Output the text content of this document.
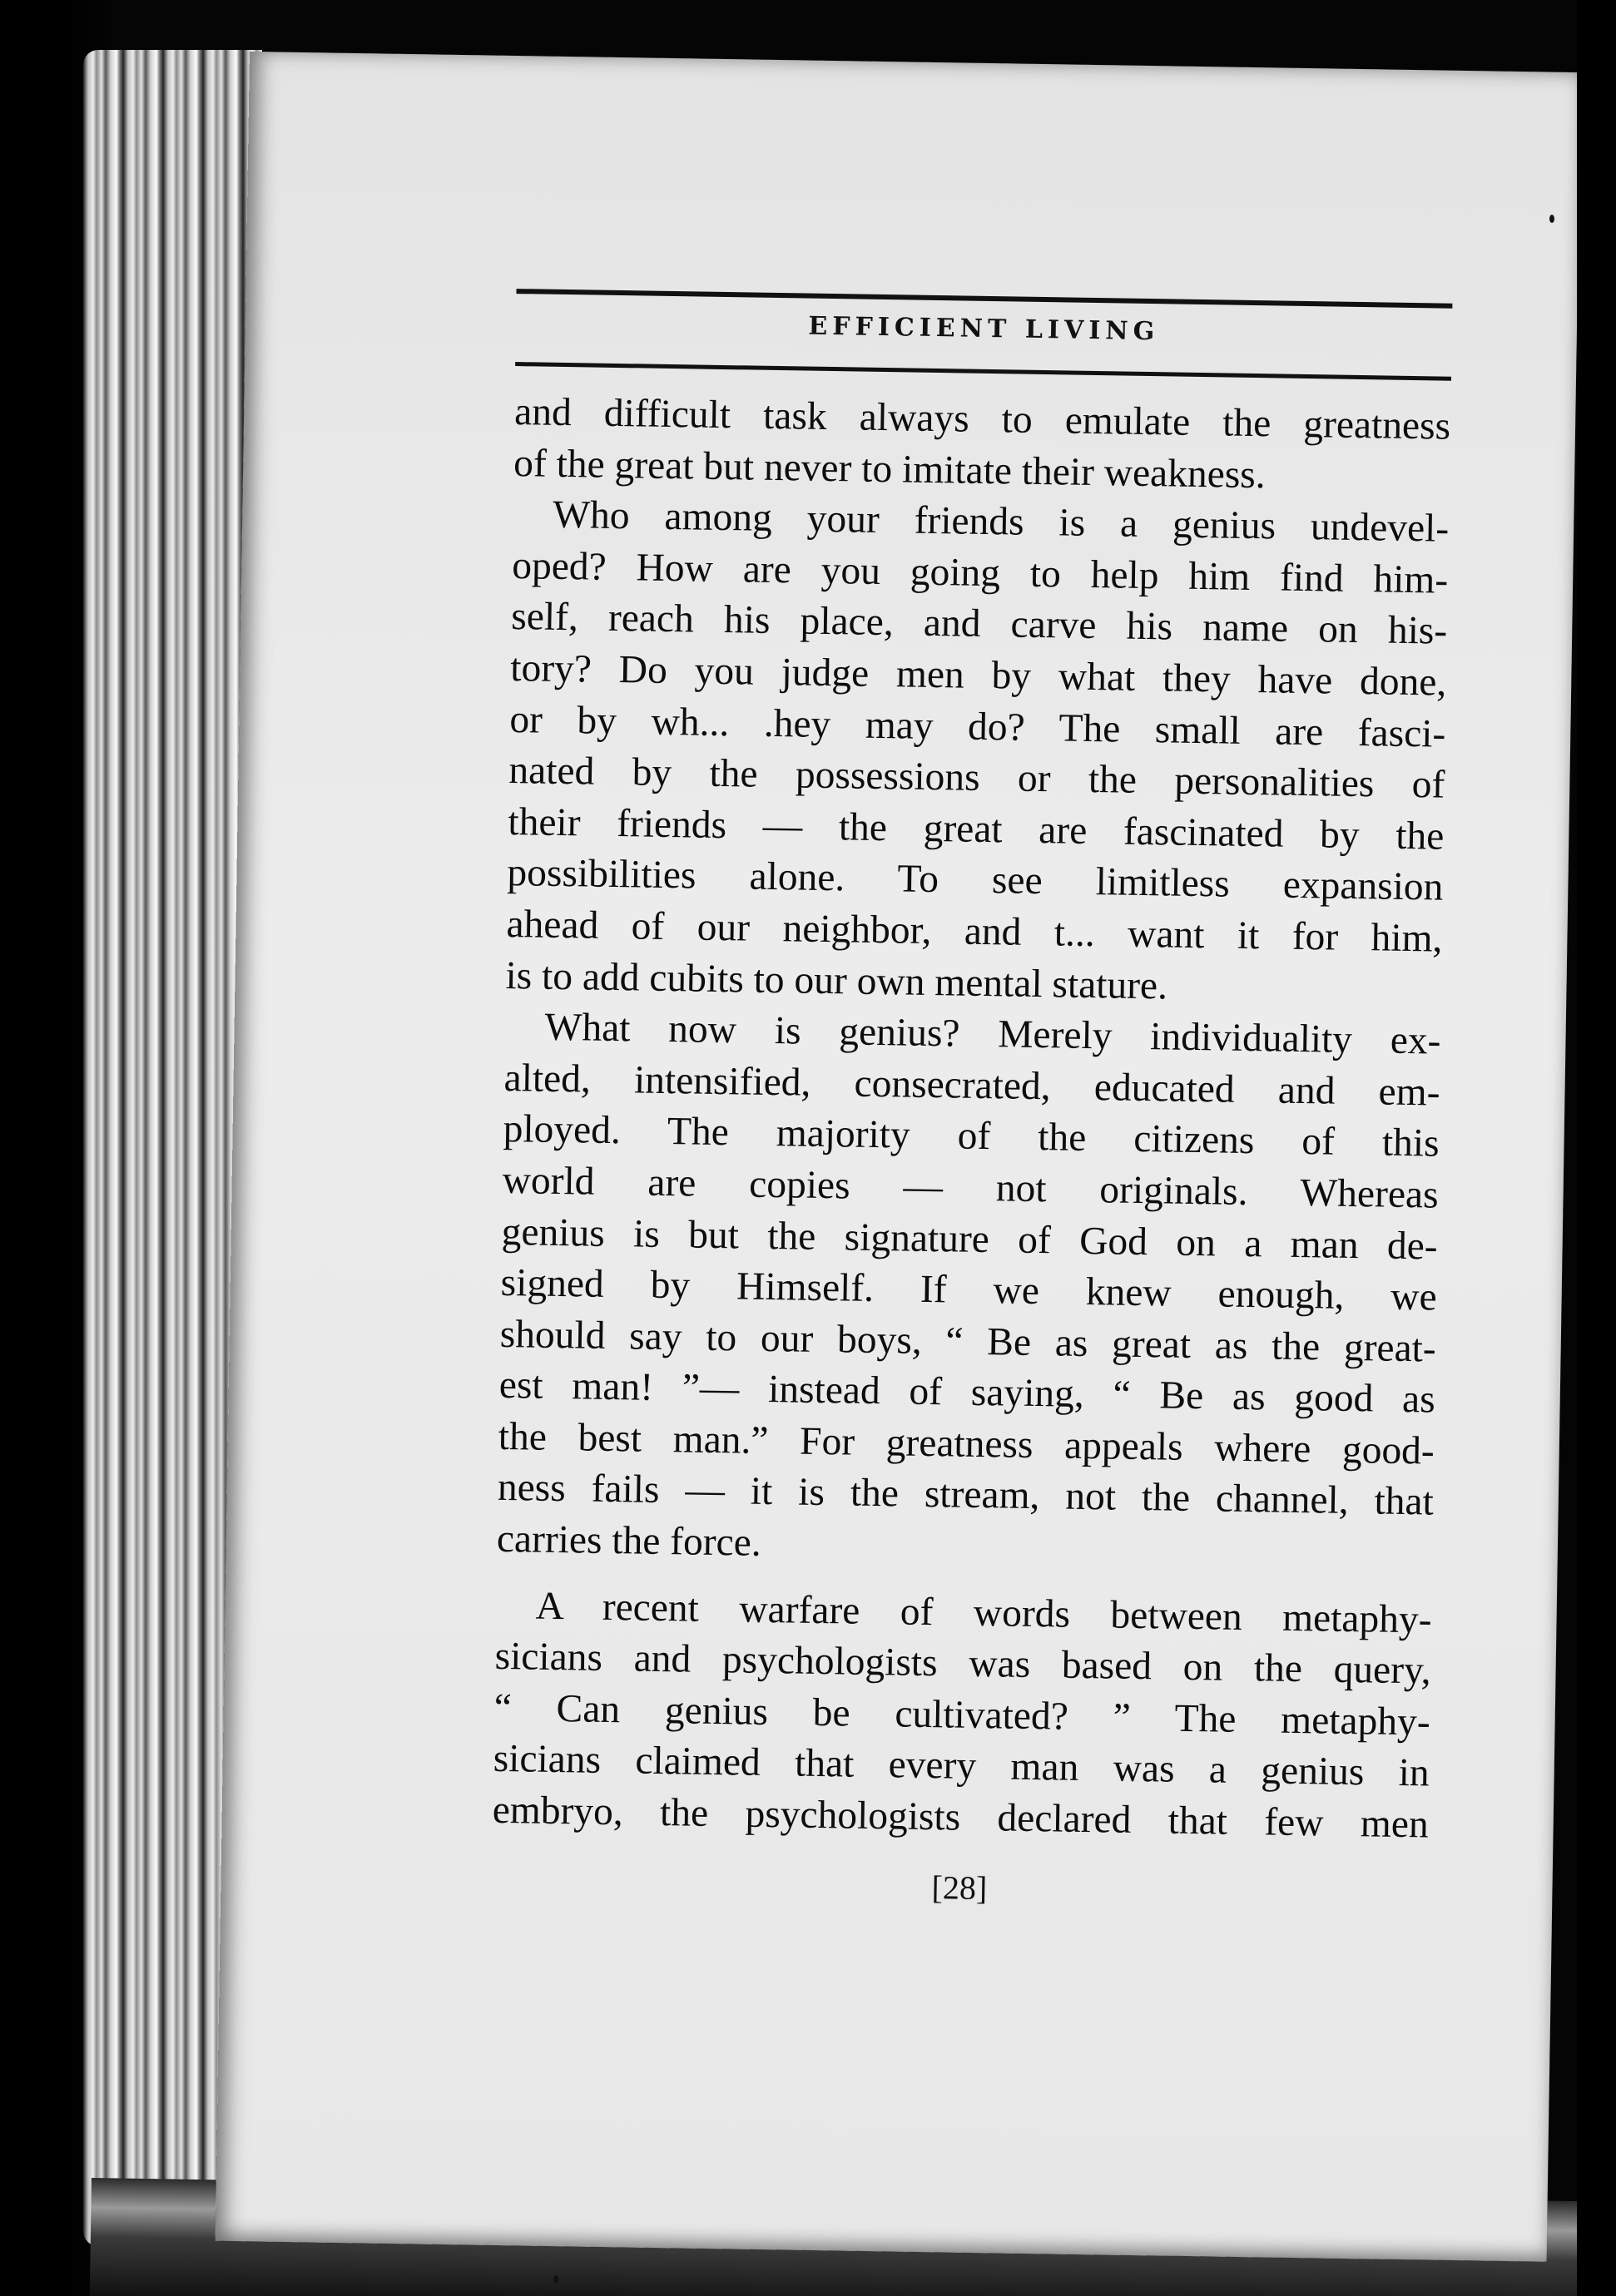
EFFICIENT LIVING
and difficult task always to emulate the greatness
of the great but never to imitate their weakness.
Who among your friends is a genius undevel-
oped? How are you going to help him find him-
self, reach his place, and carve his name on his-
tory? Do you judge men by what they have done,
or by wh... .hey may do? The small are fasci-
nated by the possessions or the personalities of
their friends — the great are fascinated by the
possibilities alone. To see limitless expansion
ahead of our neighbor, and t... want it for him,
is to add cubits to our own mental stature.
What now is genius? Merely individuality ex-
alted, intensified, consecrated, educated and em-
ployed. The majority of the citizens of this
world are copies — not originals. Whereas
genius is but the signature of God on a man de-
signed by Himself. If we knew enough, we
should say to our boys, “ Be as great as the great-
est man! ”— instead of saying, “ Be as good as
the best man.” For greatness appeals where good-
ness fails — it is the stream, not the channel, that
carries the force.
A recent warfare of words between metaphy-
sicians and psychologists was based on the query,
“ Can genius be cultivated? ” The metaphy-
sicians claimed that every man was a genius in
embryo, the psychologists declared that few men
[28]
